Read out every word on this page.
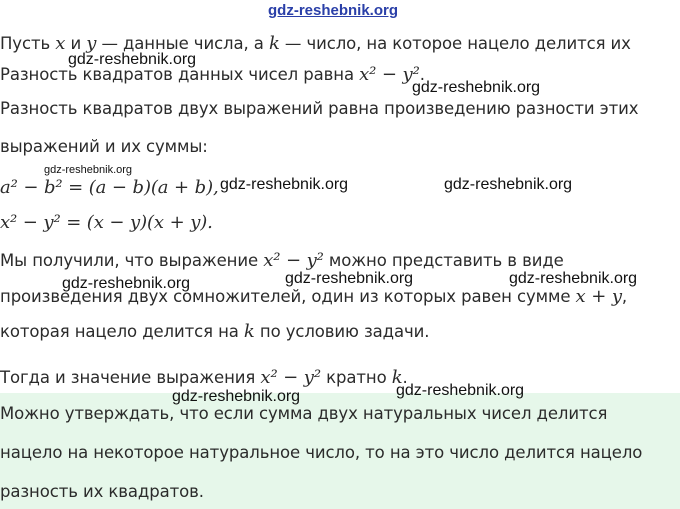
gdz-reshebnik.org
Пусть x и y — данные числа, а k — число, на которое нацело делится их
gdz-reshebnik.org
Разность квадратов данных чисел равна x² − y².
gdz-reshebnik.org
Разность квадратов двух выражений равна произведению разности этих
выражений и их суммы:
gdz-reshebnik.org
a² − b² = (a − b)(a + b), gdz-reshebnik.org	gdz-reshebnik.org
x² − y² = (x − y)(x + y).
Мы получили, что выражение x² − y² можно представить в виде
gdz-reshebnik.org	gdz-reshebnik.org	gdz-reshebnik.org
произведения двух сомножителей, один из которых равен сумме x + y,
которая нацело делится на k по условию задачи.
Тогда и значение выражения x² − y² кратно k.
gdz-reshebnik.org
gdz-reshebnik.org
Можно утверждать, что если сумма двух натуральных чисел делится
нацело на некоторое натуральное число, то на это число делится нацело
разность их квадратов.
